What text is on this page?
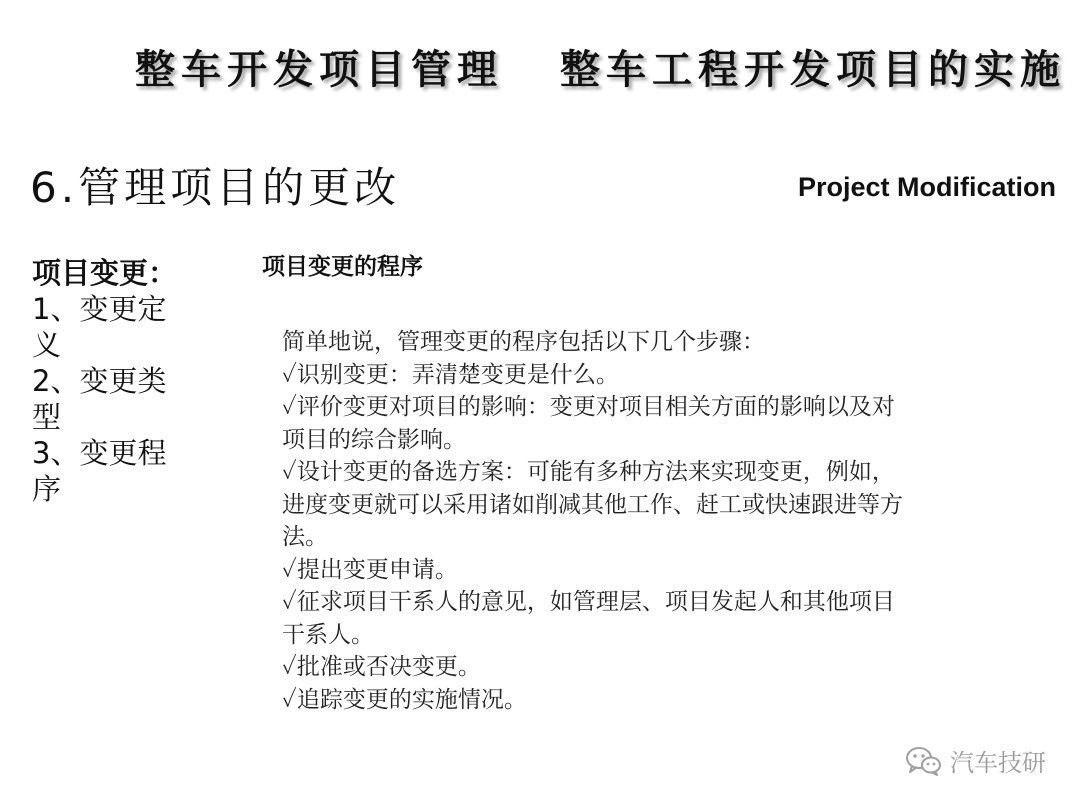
整车开发项目管理 整车工程开发项目的实施
6.管理项目的更改	Project Modification
项目变更：
1、变更定义
2、变更类型
3、变更程序
项目变更的程序
简单地说，管理变更的程序包括以下几个步骤：
✓识别变更：弄清楚变更是什么。
✓评价变更对项目的影响：变更对项目相关方面的影响以及对
项目的综合影响。
✓设计变更的备选方案：可能有多种方法来实现变更，例如，
进度变更就可以采用诸如削减其他工作、赶工或快速跟进等方
法。
✓提出变更申请。
✓征求项目干系人的意见，如管理层、项目发起人和其他项目
干系人。
✓批准或否决变更。
✓追踪变更的实施情况。
汽车技研
